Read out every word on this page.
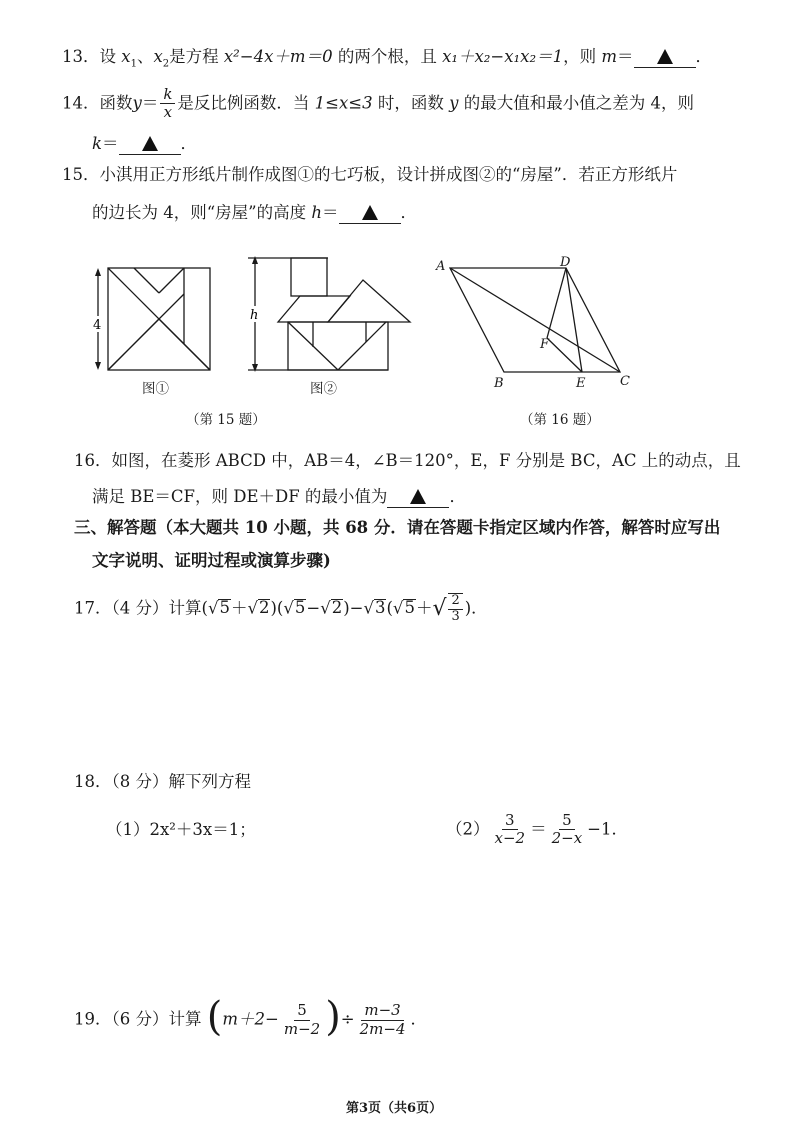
13．设 $x_1$、$x_2$是方程 x²−4x＋m＝0 的两个根，且 x₁＋x₂−x₁x₂＝1，则 m＝	．
14．函数$y= \frac{k}{x}$ 是反比例函数．当 1≤x≤3 时，函数 y 的最大值和最小值之差为 4，则
k＝	．
15．小淇用正方形纸片制作成图①的七巧板，设计拼成图②的“房屋”．若正方形纸片
的边长为 4，则“房屋”的高度 h＝	．
4
图①
h
图②
（第 15 题）
A	D
F
B	E	C
（第 16 题）
16．如图，在菱形 ABCD 中，AB＝4，∠B＝120°，E，F 分别是 BC，AC 上的动点，且
满足 BE＝CF，则 DE＋DF 的最小值为	．
三、解答题（本大题共 10 小题，共 68 分．请在答题卡指定区域内作答，解答时应写出
文字说明、证明过程或演算步骤)
17．（4 分）计算$(√5+√2)(√5-√2)-√3(√5+√ \frac{2}{3}$ )．
18．（8 分）解下列方程
（1）2x²＋3x＝1；	$(2) \frac{3}{x-2} = \frac{5}{2-x} -1$．
19．（6 分）计算 ($m+2- \frac{5}{m-2}$ )÷ $\frac{m-3}{2m-4}$ ．
第3页（共6页）
